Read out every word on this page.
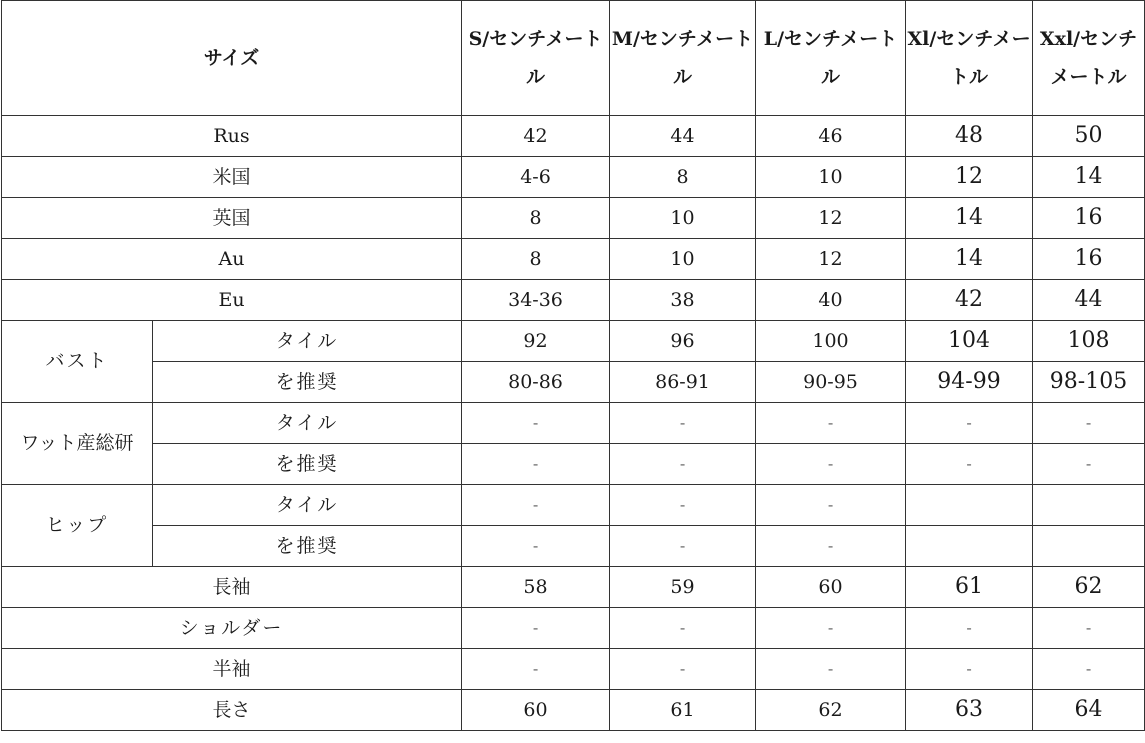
サイズ		S/センチメートル	M/センチメートル	L/センチメートル	Xl/センチメートル	Xxl/センチメートル
Rus		42	44	46	48	50
米国		4-6	8	10	12	14
英国		8	10	12	14	16
Au		8	10	12	14	16
Eu		34-36	38	40	42	44
バスト	タイル	92	96	100	104	108
	を推奨	80-86	86-91	90-95	94-99	98-105
ワット産総研	タイル	-	-	-	-	-
	を推奨	-	-	-	-	-
ヒップ	タイル	-	-	-		
	を推奨	-	-	-		
長袖		58	59	60	61	62
ショルダー		-	-	-	-	-
半袖		-	-	-	-	-
長さ		60	61	62	63	64
